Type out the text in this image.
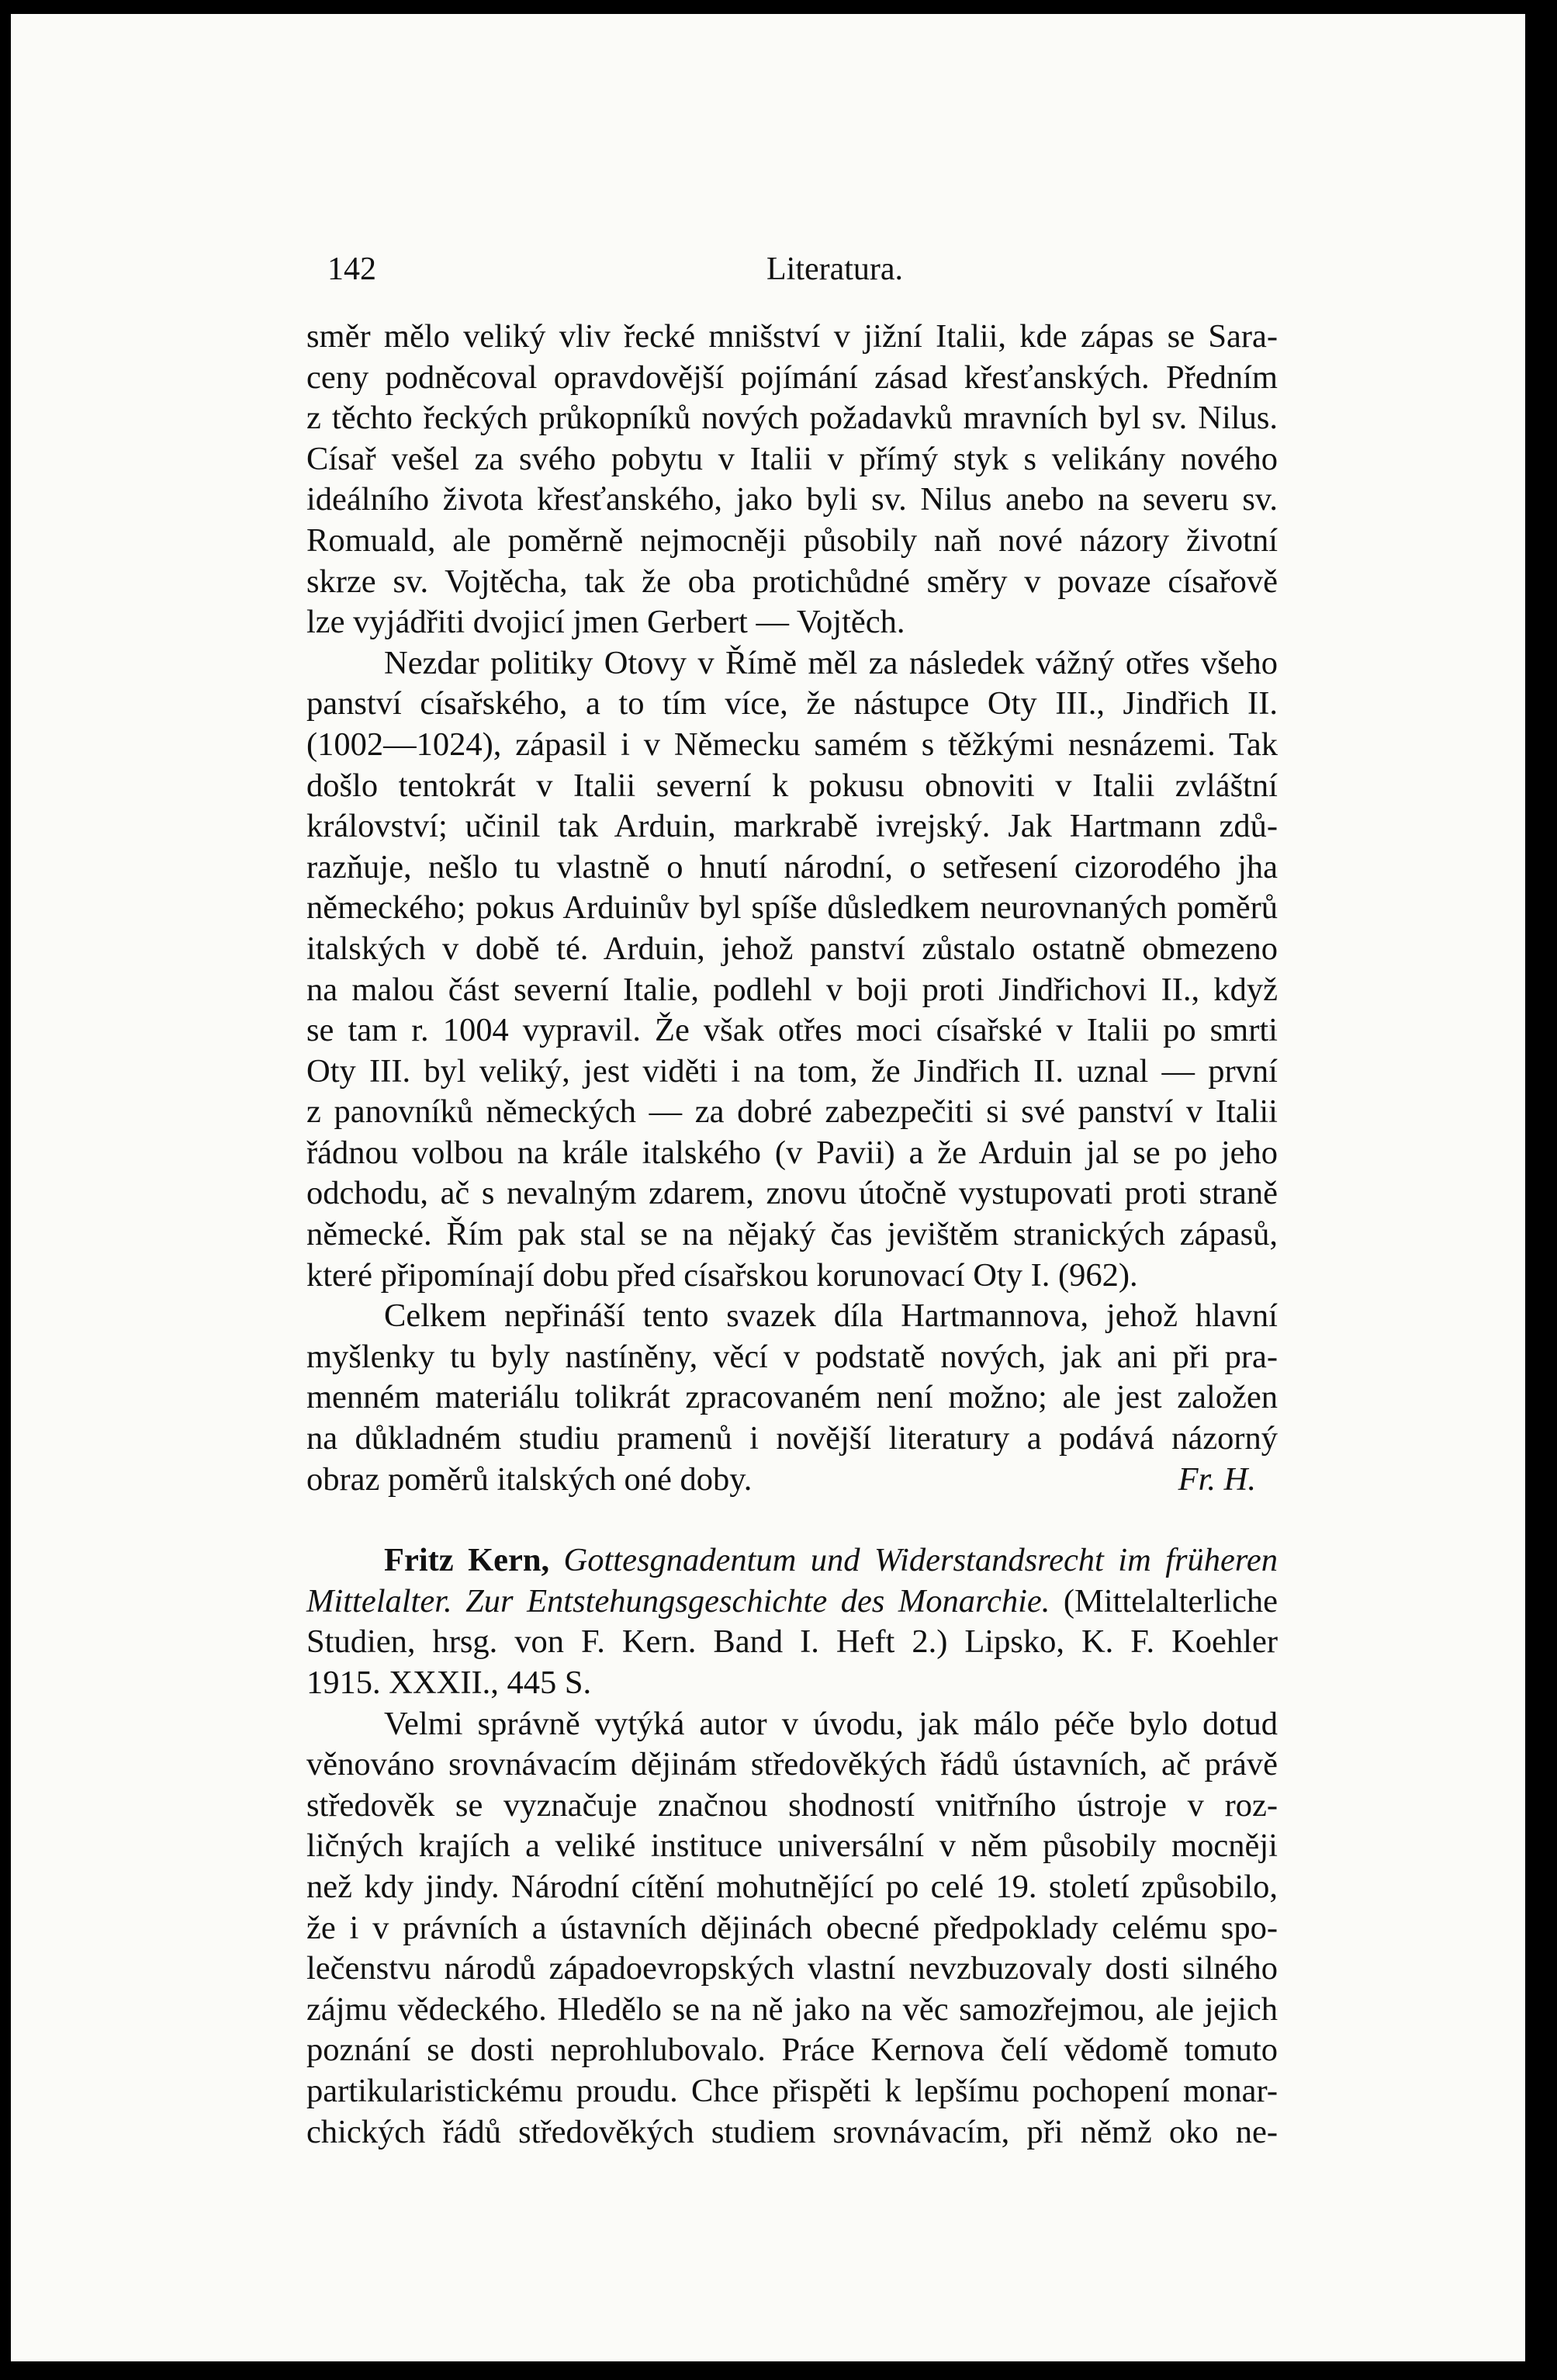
142	Literatura.
směr mělo veliký vliv řecké mnišství v jižní Italii, kde zápas se Sara-
ceny podněcoval opravdovější pojímání zásad křesťanských. Předním
z těchto řeckých průkopníků nových požadavků mravních byl sv. Nilus.
Císař vešel za svého pobytu v Italii v přímý styk s velikány nového
ideálního života křesťanského, jako byli sv. Nilus anebo na severu sv.
Romuald, ale poměrně nejmocněji působily naň nové názory životní
skrze sv. Vojtěcha, tak že oba protichůdné směry v povaze císařově
lze vyjádřiti dvojicí jmen Gerbert — Vojtěch.
Nezdar politiky Otovy v Římě měl za následek vážný otřes všeho
panství císařského, a to tím více, že nástupce Oty III., Jindřich II.
(1002—1024), zápasil i v Německu samém s těžkými nesnázemi. Tak
došlo tentokrát v Italii severní k pokusu obnoviti v Italii zvláštní
království; učinil tak Arduin, markrabě ivrejský. Jak Hartmann zdů-
razňuje, nešlo tu vlastně o hnutí národní, o setřesení cizorodého jha
německého; pokus Arduinův byl spíše důsledkem neurovnaných poměrů
italských v době té. Arduin, jehož panství zůstalo ostatně obmezeno
na malou část severní Italie, podlehl v boji proti Jindřichovi II., když
se tam r. 1004 vypravil. Že však otřes moci císařské v Italii po smrti
Oty III. byl veliký, jest viděti i na tom, že Jindřich II. uznal — první
z panovníků německých — za dobré zabezpečiti si své panství v Italii
řádnou volbou na krále italského (v Pavii) a že Arduin jal se po jeho
odchodu, ač s nevalným zdarem, znovu útočně vystupovati proti straně
německé. Řím pak stal se na nějaký čas jevištěm stranických zápasů,
které připomínají dobu před císařskou korunovací Oty I. (962).
Celkem nepřináší tento svazek díla Hartmannova, jehož hlavní
myšlenky tu byly nastíněny, věcí v podstatě nových, jak ani při pra-
menném materiálu tolikrát zpracovaném není možno; ale jest založen
na důkladném studiu pramenů i novější literatury a podává názorný
obraz poměrů italských oné doby.	Fr. H.
Fritz Kern, Gottesgnadentum und Widerstandsrecht im früheren
Mittelalter. Zur Entstehungsgeschichte des Monarchie. (Mittelalterliche
Studien, hrsg. von F. Kern. Band I. Heft 2.) Lipsko, K. F. Koehler
1915. XXXII., 445 S.
Velmi správně vytýká autor v úvodu, jak málo péče bylo dotud
věnováno srovnávacím dějinám středověkých řádů ústavních, ač právě
středověk se vyznačuje značnou shodností vnitřního ústroje v roz-
ličných krajích a veliké instituce universální v něm působily mocněji
než kdy jindy. Národní cítění mohutnějící po celé 19. století způsobilo,
že i v právních a ústavních dějinách obecné předpoklady celému spo-
lečenstvu národů západoevropských vlastní nevzbuzovaly dosti silného
zájmu vědeckého. Hledělo se na ně jako na věc samozřejmou, ale jejich
poznání se dosti neprohlubovalo. Práce Kernova čelí vědomě tomuto
partikularistickému proudu. Chce přispěti k lepšímu pochopení monar-
chických řádů středověkých studiem srovnávacím, při němž oko ne-
